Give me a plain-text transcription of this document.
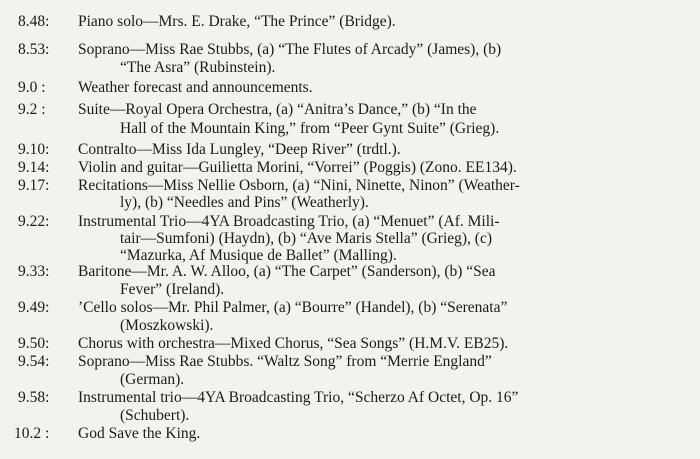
8.48:	Piano solo—Mrs. E. Drake, “The Prince” (Bridge).
8.53:	Soprano—Miss Rae Stubbs, (a) “The Flutes of Arcady” (James), (b)
“The Asra” (Rubinstein).
9.0 :	Weather forecast and announcements.
9.2 :	Suite—Royal Opera Orchestra, (a) “Anitra’s Dance,” (b) “In the
Hall of the Mountain King,” from “Peer Gynt Suite” (Grieg).
9.10:	Contralto—Miss Ida Lungley, “Deep River” (trdtl.).
9.14:	Violin and guitar—Guilietta Morini, “Vorrei” (Poggis) (Zono. EE134).
9.17:	Recitations—Miss Nellie Osborn, (a) “Nini, Ninette, Ninon” (Weather-
ly), (b) “Needles and Pins” (Weatherly).
9.22:	Instrumental Trio—4YA Broadcasting Trio, (a) “Menuet” (Af. Mili-
tair—Sumfoni) (Haydn), (b) “Ave Maris Stella” (Grieg), (c)
“Mazurka, Af Musique de Ballet” (Malling).
9.33:	Baritone—Mr. A. W. Alloo, (a) “The Carpet” (Sanderson), (b) “Sea
Fever” (Ireland).
9.49:	’Cello solos—Mr. Phil Palmer, (a) “Bourre” (Handel), (b) “Serenata”
(Moszkowski).
9.50:	Chorus with orchestra—Mixed Chorus, “Sea Songs” (H.M.V. EB25).
9.54:	Soprano—Miss Rae Stubbs. “Waltz Song” from “Merrie England”
(German).
9.58:	Instrumental trio—4YA Broadcasting Trio, “Scherzo Af Octet, Op. 16”
(Schubert).
10.2 :	God Save the King.
